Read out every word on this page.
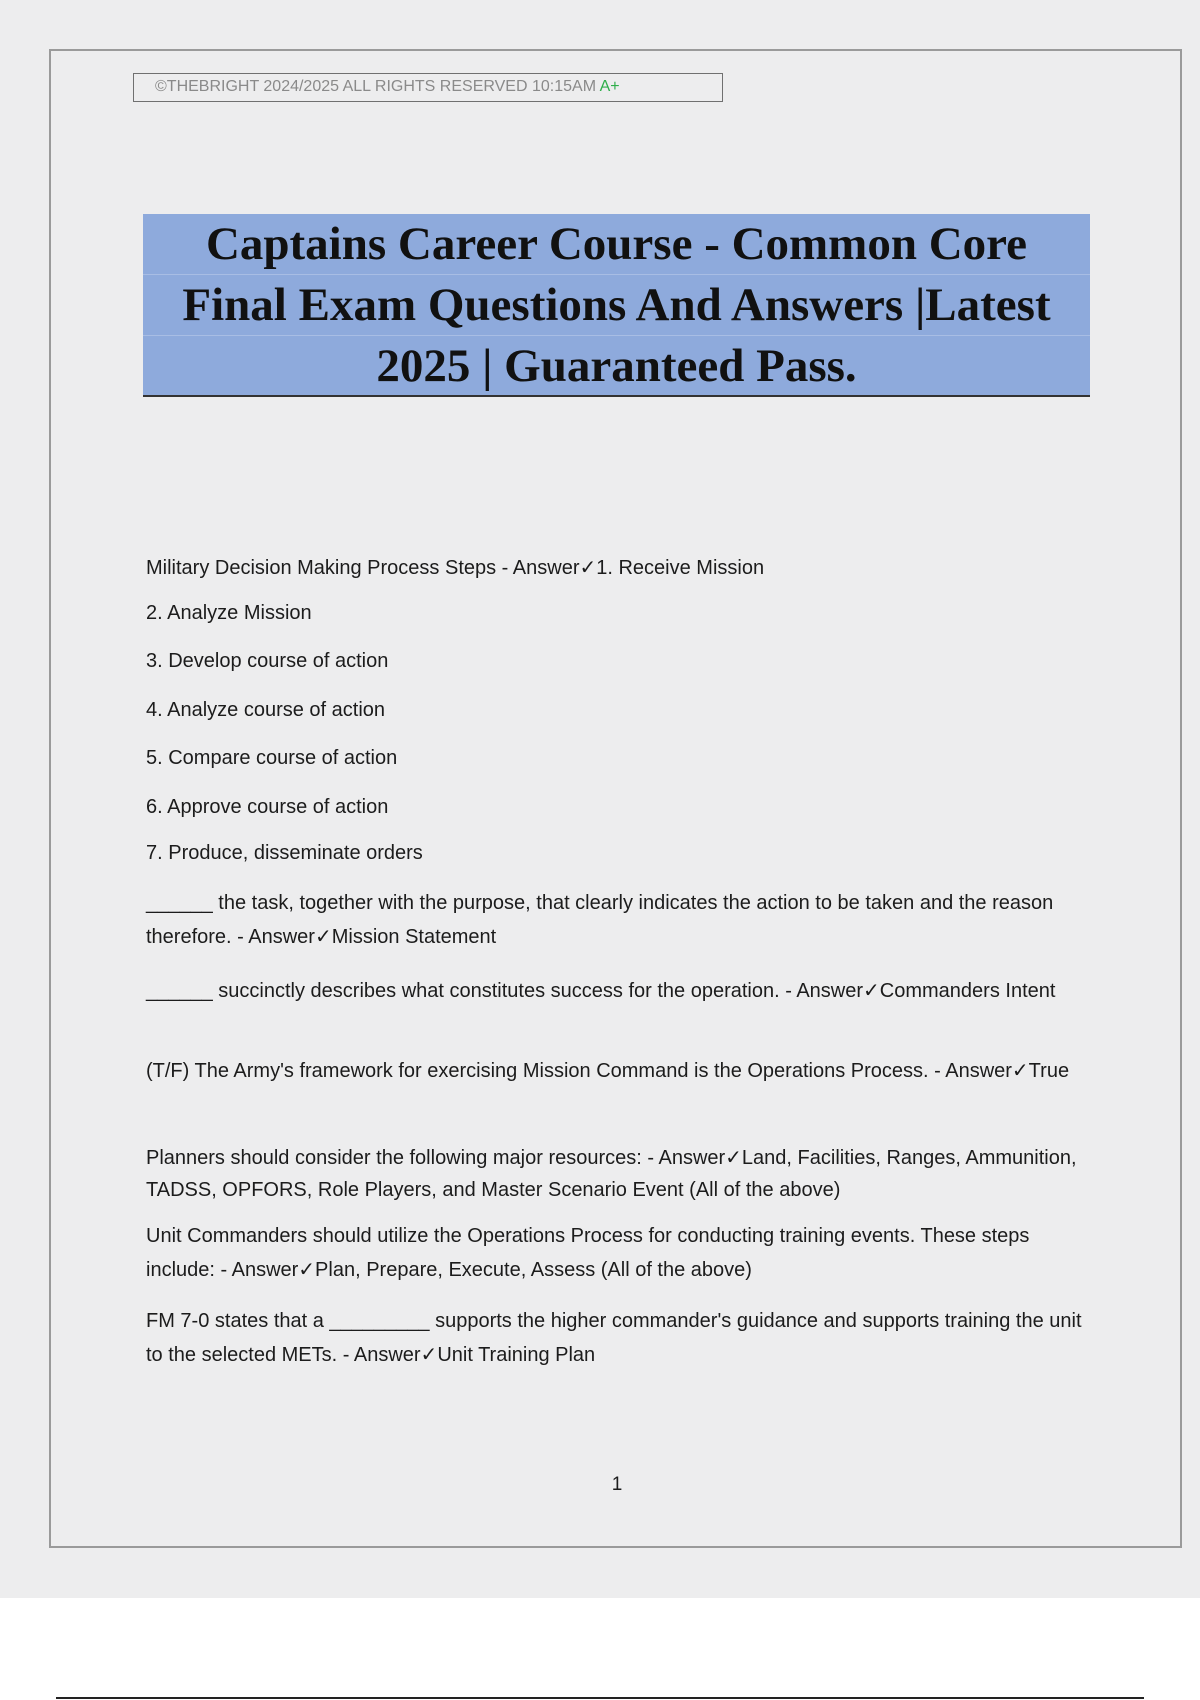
©THEBRIGHT 2024/2025 ALL RIGHTS RESERVED 10:15AM A+
Captains Career Course - Common Core
Final Exam Questions And Answers |Latest
2025 | Guaranteed Pass.
Military Decision Making Process Steps - Answer✓1. Receive Mission
2. Analyze Mission
3. Develop course of action
4. Analyze course of action
5. Compare course of action
6. Approve course of action
7. Produce, disseminate orders
______ the task, together with the purpose, that clearly indicates the action to be taken and the reason therefore. - Answer✓Mission Statement
______ succinctly describes what constitutes success for the operation. - Answer✓Commanders Intent
(T/F) The Army's framework for exercising Mission Command is the Operations Process. - Answer✓True
Planners should consider the following major resources: - Answer✓Land, Facilities, Ranges, Ammunition, TADSS, OPFORS, Role Players, and Master Scenario Event (All of the above)
Unit Commanders should utilize the Operations Process for conducting training events. These steps include: - Answer✓Plan, Prepare, Execute, Assess (All of the above)
FM 7-0 states that a _________ supports the higher commander's guidance and supports training the unit to the selected METs. - Answer✓Unit Training Plan
1
